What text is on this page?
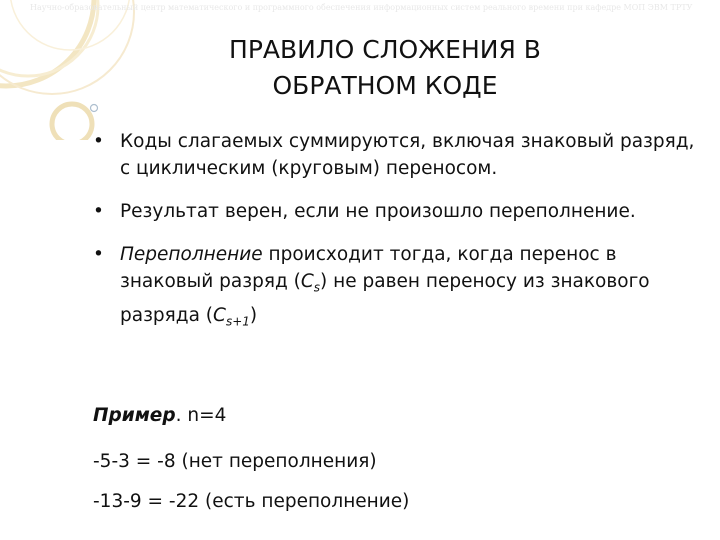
Научно-образовательный центр математического и программного обеспечения информационных систем реального времени при кафедре МОП ЭВМ ТРТУ
ПРАВИЛО СЛОЖЕНИЯ В
ОБРАТНОМ КОДЕ
• Коды слагаемых суммируются, включая знаковый разряд, с циклическим (круговым) переносом.
• Результат верен, если не произошло переполнение.
• Переполнение происходит тогда, когда перенос в знаковый разряд $(C_s)$ не равен переносу из знакового разряда $(C_{s+1})$
Пример. n=4
-5-3 = -8 (нет переполнения)
-13-9 = -22 (есть переполнение)
